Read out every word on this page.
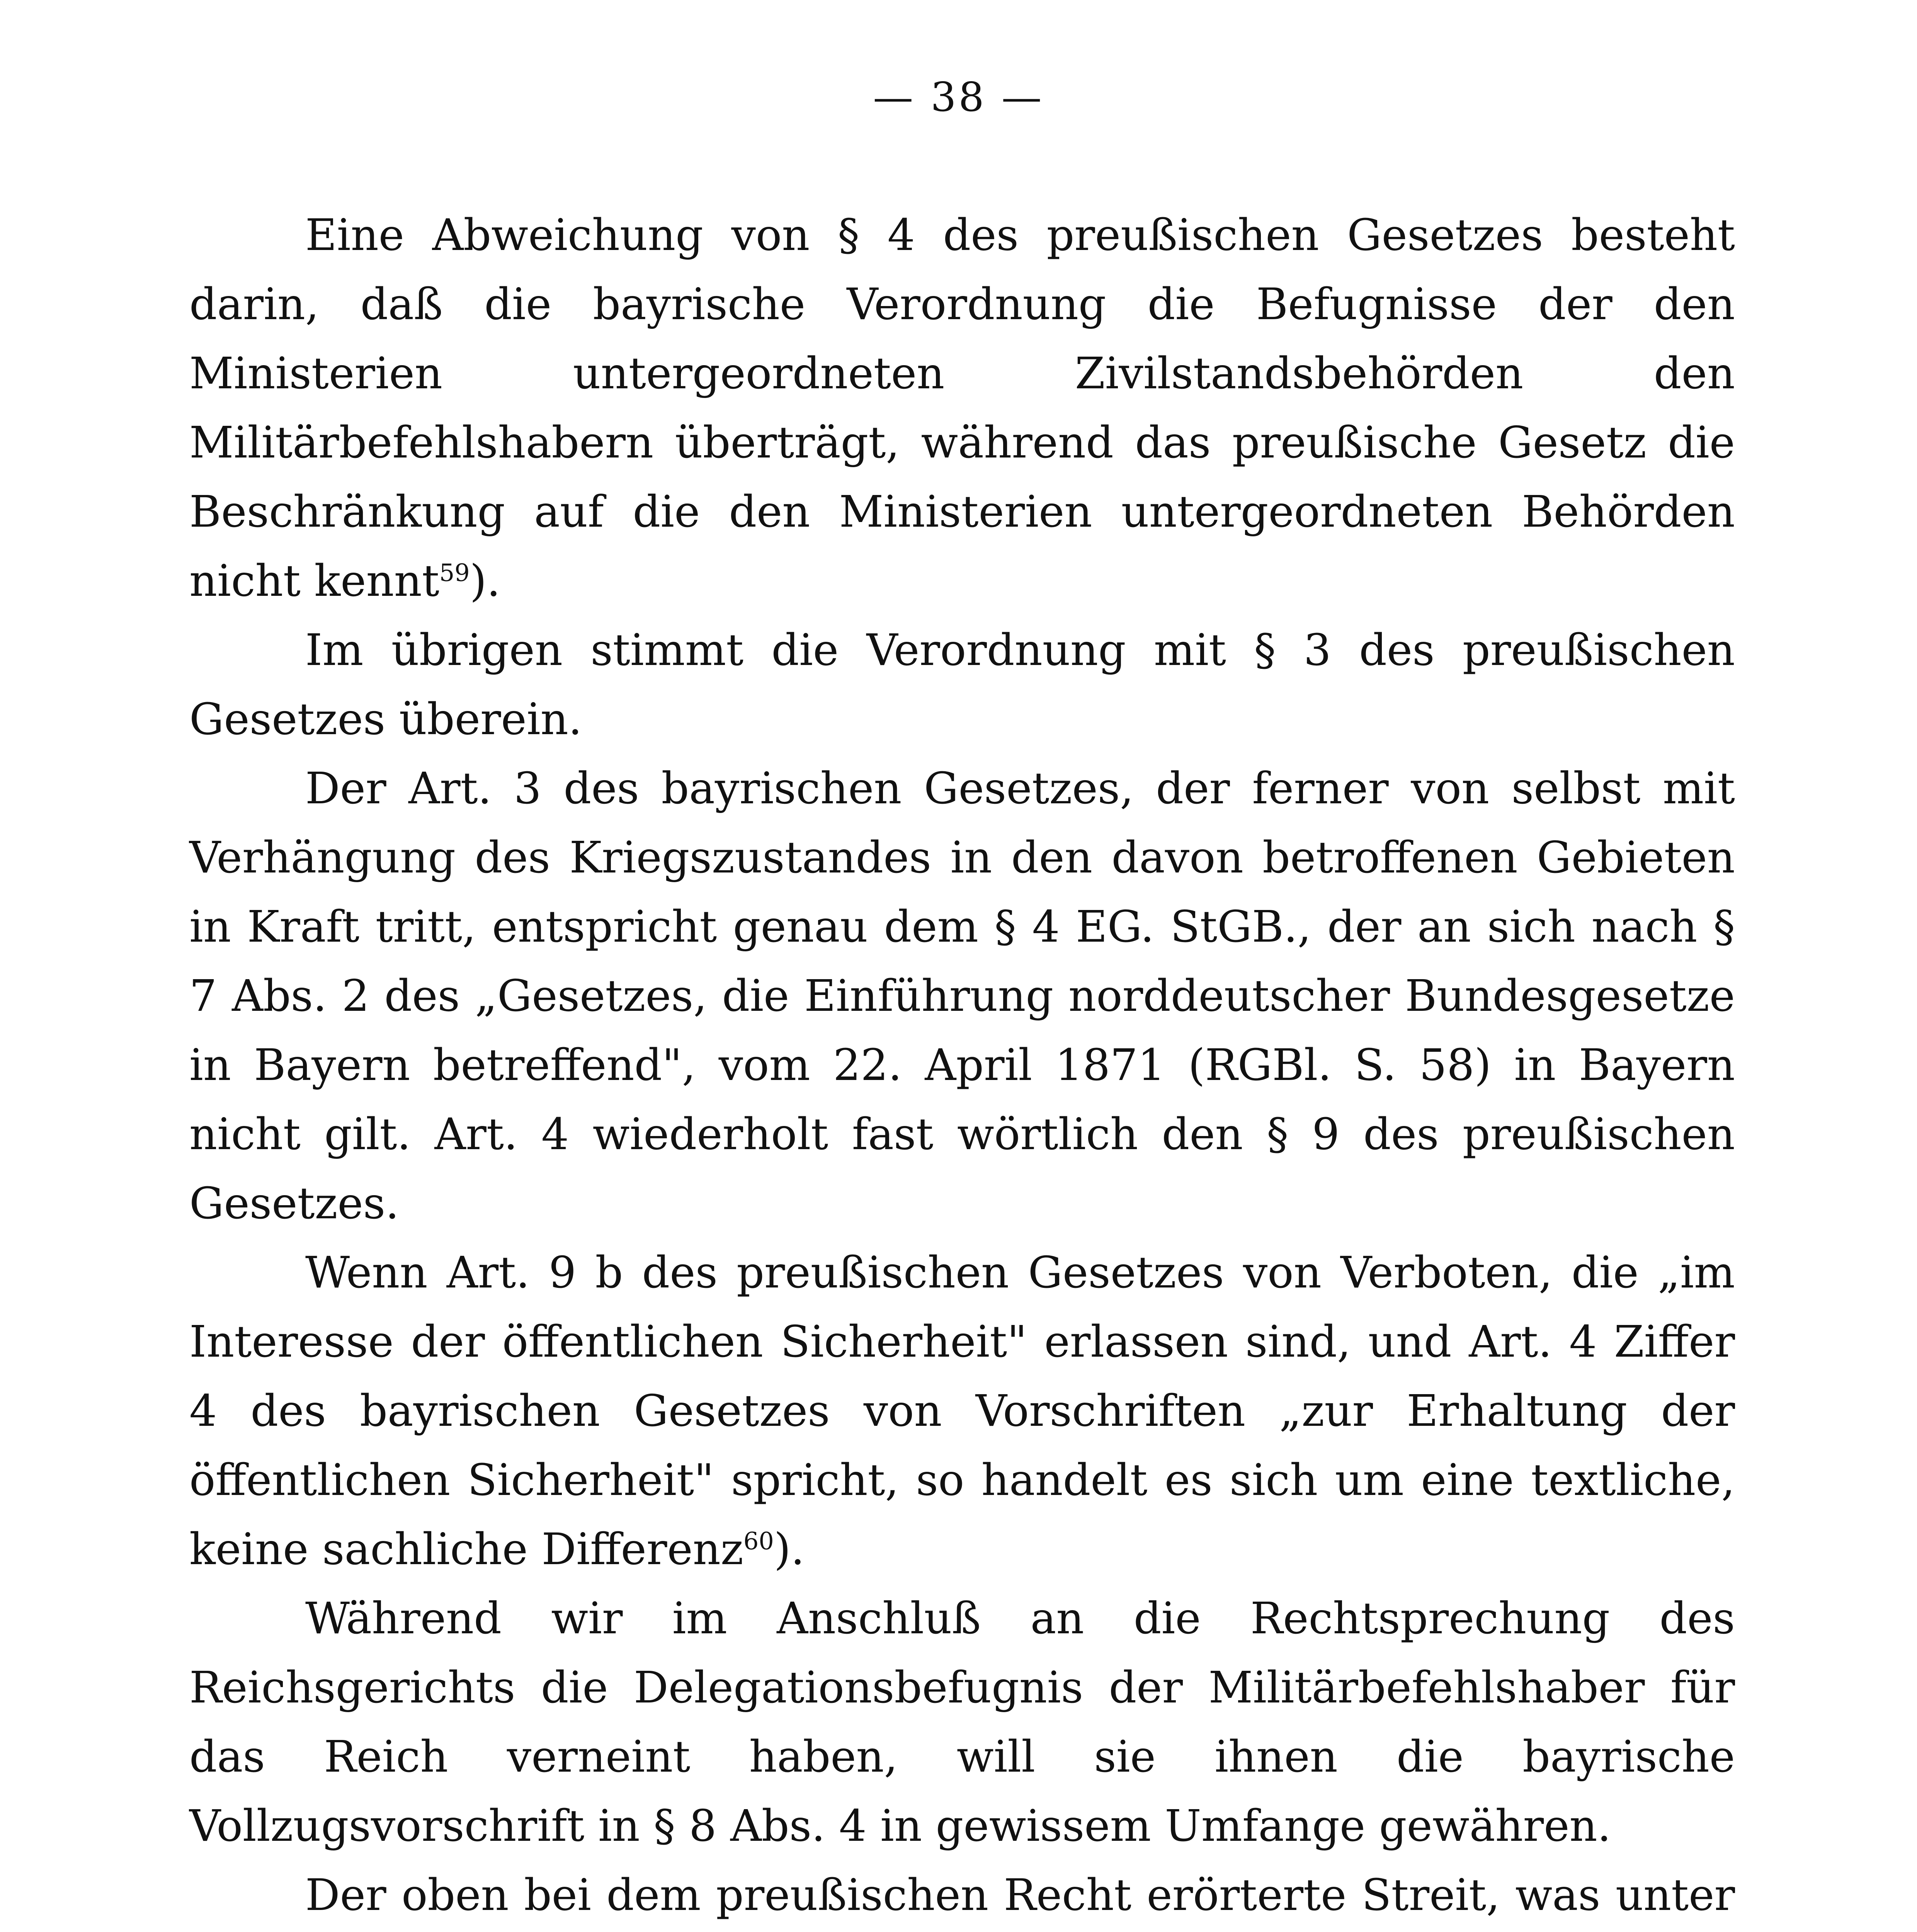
— 38 —

Eine Abweichung von § 4 des preußischen Gesetzes besteht darin, daß die bayrische Verordnung die Befugnisse der den Ministerien untergeordneten Zivilstandsbehörden den Militärbefehlshabern überträgt, während das preußische Gesetz die Beschränkung auf die den Ministerien untergeordneten Behörden nicht kennt$^{59}$).

Im übrigen stimmt die Verordnung mit § 3 des preußischen Gesetzes überein.

Der Art. 3 des bayrischen Gesetzes, der ferner von selbst mit Verhängung des Kriegszustandes in den davon betroffenen Gebieten in Kraft tritt, entspricht genau dem § 4 EG. StGB., der an sich nach § 7 Abs. 2 des „Gesetzes, die Einführung norddeutscher Bundesgesetze in Bayern betreffend", vom 22. April 1871 (RGBl. S. 58) in Bayern nicht gilt. Art. 4 wiederholt fast wörtlich den § 9 des preußischen Gesetzes.

Wenn Art. 9 b des preußischen Gesetzes von Verboten, die „im Interesse der öffentlichen Sicherheit" erlassen sind, und Art. 4 Ziffer 4 des bayrischen Gesetzes von Vorschriften „zur Erhaltung der öffentlichen Sicherheit" spricht, so handelt es sich um eine textliche, keine sachliche Differenz$^{60}$).

Während wir im Anschluß an die Rechtsprechung des Reichsgerichts die Delegationsbefugnis der Militärbefehlshaber für das Reich verneint haben, will sie ihnen die bayrische Vollzugsvorschrift in § 8 Abs. 4 in gewissem Umfange gewähren.

Der oben bei dem preußischen Recht erörterte Streit, was unter
